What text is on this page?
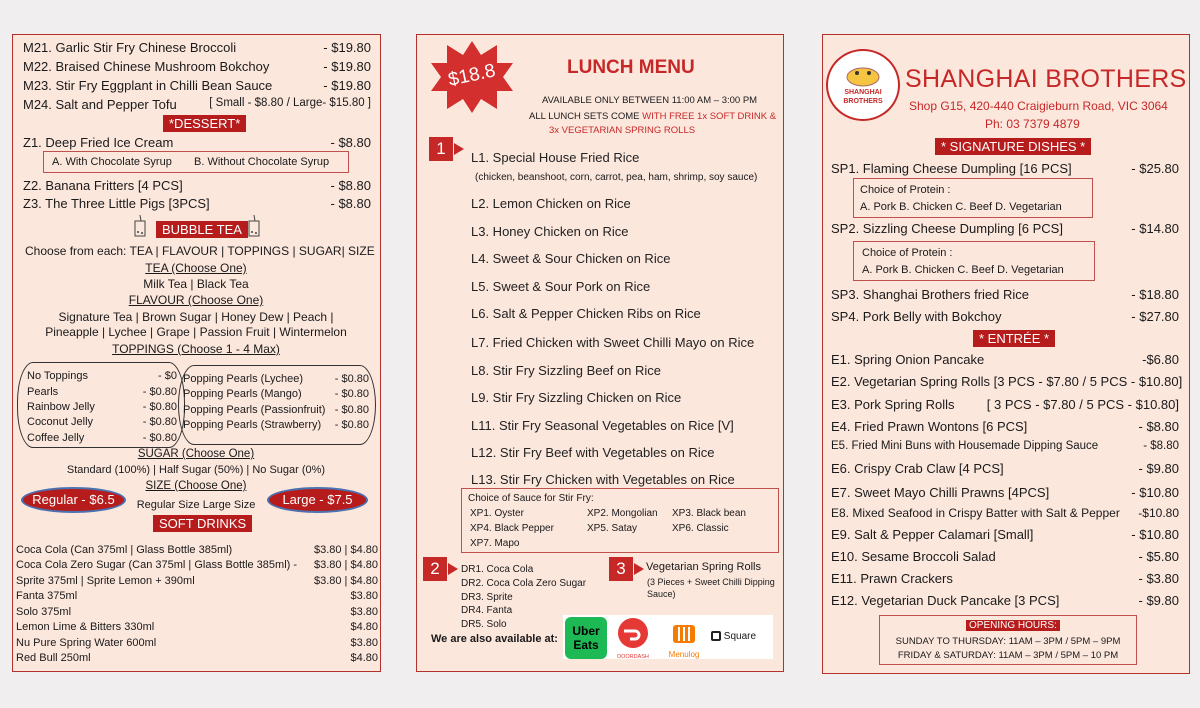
M21. Garlic Stir Fry Chinese Broccoli	- $19.80
M22. Braised Chinese Mushroom Bokchoy	- $19.80
M23. Stir Fry Eggplant in Chilli Bean Sauce	- $19.80
M24. Salt and Pepper Tofu	[ Small - $8.80 / Large- $15.80 ]
*DESSERT*
Z1. Deep Fried Ice Cream	- $8.80
A. With Chocolate Syrup B. Without Chocolate Syrup
Z2. Banana Fritters [4 PCS]	- $8.80
Z3. The Three Little Pigs [3PCS]	- $8.80
BUBBLE TEA
Choose from each: TEA | FLAVOUR | TOPPINGS | SUGAR| SIZE
TEA (Choose One)
Milk Tea | Black Tea
FLAVOUR (Choose One)
Signature Tea | Brown Sugar | Honey Dew | Peach |
Pineapple | Lychee | Grape | Passion Fruit | Wintermelon
TOPPINGS (Choose 1 - 4 Max)
No Toppings	- $0
Pearls	- $0.80
Rainbow Jelly	- $0.80
Coconut Jelly	- $0.80
Coffee Jelly	- $0.80
Popping Pearls (Lychee)	- $0.80
Popping Pearls (Mango)	- $0.80
Popping Pearls (Passionfruit) - $0.80
Popping Pearls (Strawberry) - $0.80
SUGAR (Choose One)
Standard (100%) | Half Sugar (50%) | No Sugar (0%)
SIZE (Choose One)
Regular - $6.5	Large - $7.5
Regular Size Large Size
SOFT DRINKS
Coca Cola (Can 375ml | Glass Bottle 385ml)	$3.80 | $4.80
Coca Cola Zero Sugar (Can 375ml | Glass Bottle 385ml) - $3.80 | $4.80
Sprite 375ml | Sprite Lemon + 390ml	$3.80 | $4.80
Fanta 375ml	$3.80
Solo 375ml	$3.80
Lemon Lime & Bitters 330ml	$4.80
Nu Pure Spring Water 600ml	$3.80
Red Bull 250ml	$4.80
$18.8	LUNCH MENU
AVAILABLE ONLY BETWEEN 11:00 AM – 3:00 PM
ALL LUNCH SETS COME WITH FREE 1x SOFT DRINK &
3x VEGETARIAN SPRING ROLLS
1	L1. Special House Fried Rice
(chicken, beanshoot, corn, carrot, pea, ham, shrimp, soy sauce)
L2. Lemon Chicken on Rice
L3. Honey Chicken on Rice
L4. Sweet & Sour Chicken on Rice
L5. Sweet & Sour Pork on Rice
L6. Salt & Pepper Chicken Ribs on Rice
L7. Fried Chicken with Sweet Chilli Mayo on Rice
L8. Stir Fry Sizzling Beef on Rice
L9. Stir Fry Sizzling Chicken on Rice
L11. Stir Fry Seasonal Vegetables on Rice [V]
L12. Stir Fry Beef with Vegetables on Rice
L13. Stir Fry Chicken with Vegetables on Rice
Choice of Sauce for Stir Fry:
XP1. Oyster	XP2. Mongolian XP3. Black bean
XP4. Black Pepper	XP5. Satay	XP6. Classic
XP7. Mapo
2	DR1. Coca Cola
DR2. Coca Cola Zero Sugar
DR3. Sprite
DR4. Fanta
DR5. Solo
3	Vegetarian Spring Rolls
(3 Pieces + Sweet Chilli Dipping Sauce)
We are also available at:
Uber
Eats
DOORDASH	Menulog
Square
SHANGHAI
BROTHERS
SHANGHAI BROTHERS
Shop G15, 420-440 Craigieburn Road, VIC 3064
Ph: 03 7379 4879
* SIGNATURE DISHES *
SP1. Flaming Cheese Dumpling [16 PCS]	- $25.80
Choice of Protein :
A. Pork B. Chicken C. Beef D. Vegetarian
SP2. Sizzling Cheese Dumpling [6 PCS]	- $14.80
Choice of Protein :
A. Pork B. Chicken C. Beef D. Vegetarian
SP3. Shanghai Brothers fried Rice	- $18.80
SP4. Pork Belly with Bokchoy	- $27.80
* ENTRÉE *
E1. Spring Onion Pancake	-$6.80
E2. Vegetarian Spring Rolls [3 PCS - $7.80 / 5 PCS - $10.80]
E3. Pork Spring Rolls [ 3 PCS - $7.80 / 5 PCS - $10.80]
E4. Fried Prawn Wontons [6 PCS]	- $8.80
E5. Fried Mini Buns with Housemade Dipping Sauce	- $8.80
E6. Crispy Crab Claw [4 PCS]	- $9.80
E7. Sweet Mayo Chilli Prawns [4PCS]	- $10.80
E8. Mixed Seafood in Crispy Batter with Salt & Pepper -$10.80
E9. Salt & Pepper Calamari [Small]	- $10.80
E10. Sesame Broccoli Salad	- $5.80
E11. Prawn Crackers	- $3.80
E12. Vegetarian Duck Pancake [3 PCS]	- $9.80
OPENING HOURS:
SUNDAY TO THURSDAY: 11AM – 3PM / 5PM – 9PM
FRIDAY & SATURDAY: 11AM – 3PM / 5PM – 10 PM
